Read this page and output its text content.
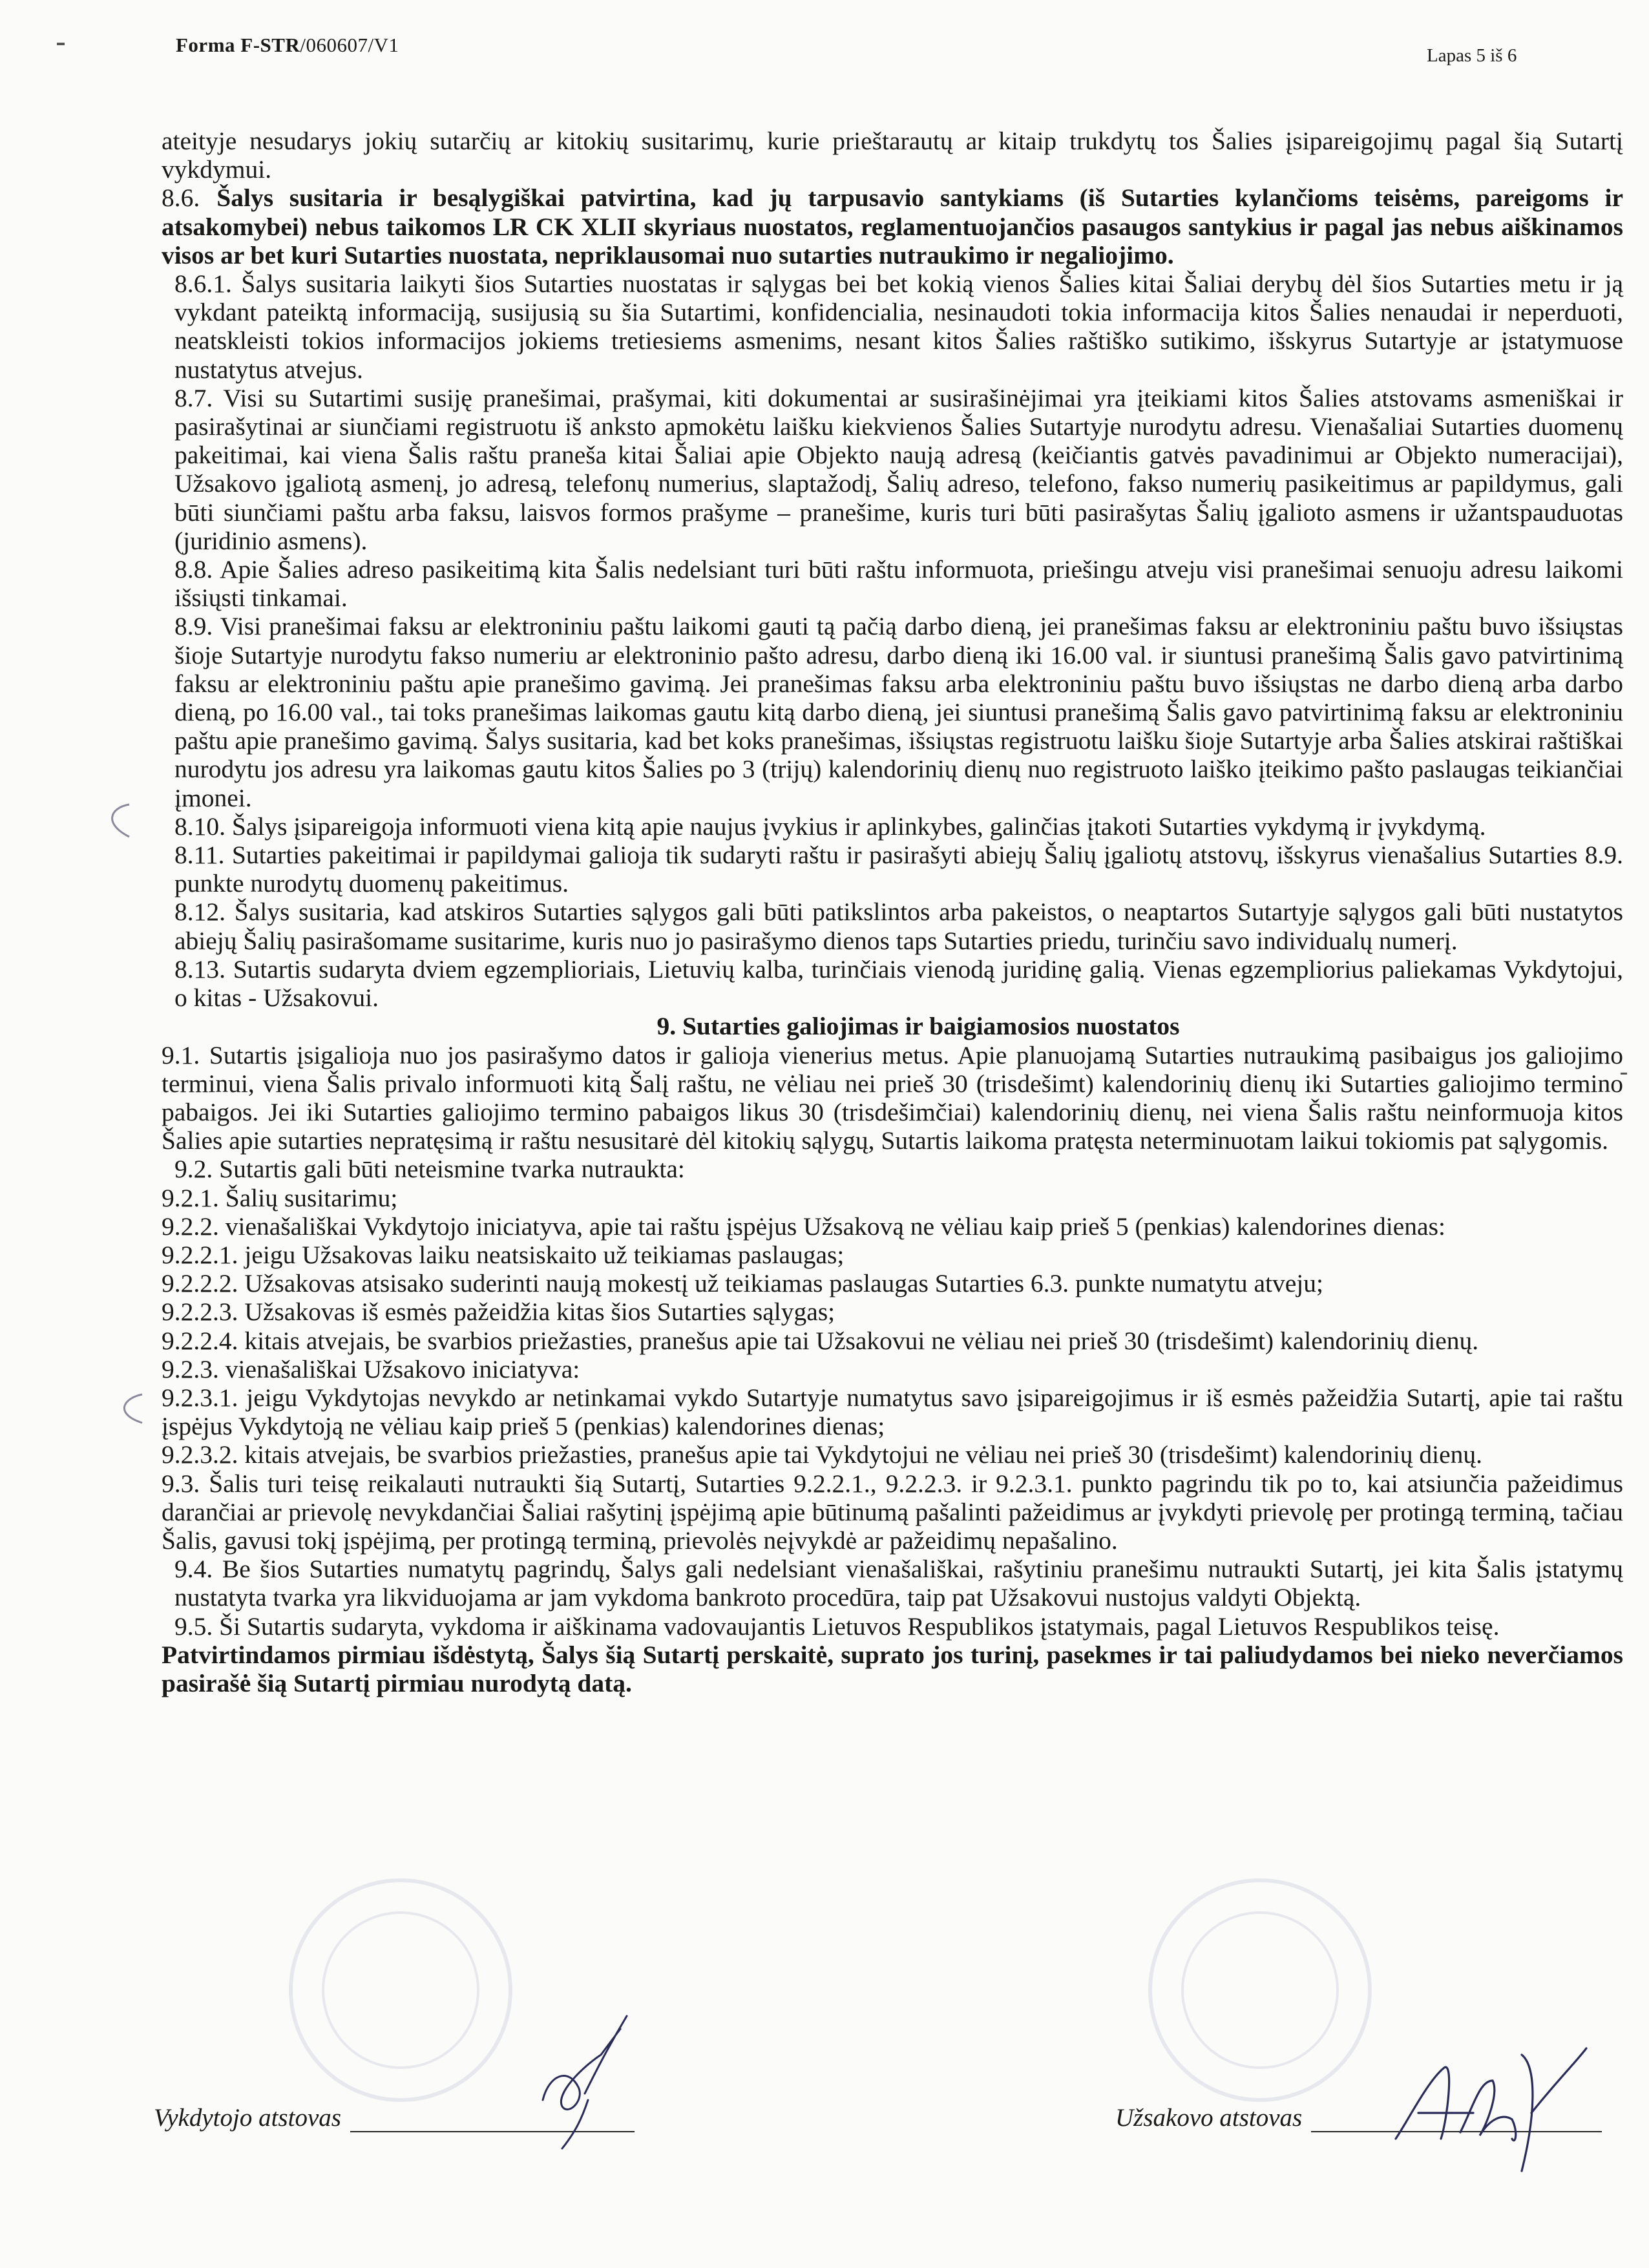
Forma F-STR/060607/V1	Lapas 5 iš 6

ateityje nesudarys jokių sutarčių ar kitokių susitarimų, kurie prieštarautų ar kitaip trukdytų tos Šalies įsipareigojimų pagal šią Sutartį vykdymui.

8.6. Šalys susitaria ir besąlygiškai patvirtina, kad jų tarpusavio santykiams (iš Sutarties kylančioms teisėms, pareigoms ir atsakomybei) nebus taikomos LR CK XLII skyriaus nuostatos, reglamentuojančios pasaugos santykius ir pagal jas nebus aiškinamos visos ar bet kuri Sutarties nuostata, nepriklausomai nuo sutarties nutraukimo ir negaliojimo.

8.6.1. Šalys susitaria laikyti šios Sutarties nuostatas ir sąlygas bei bet kokią vienos Šalies kitai Šaliai derybų dėl šios Sutarties metu ir ją vykdant pateiktą informaciją, susijusią su šia Sutartimi, konfidencialia, nesinaudoti tokia informacija kitos Šalies nenaudai ir neperduoti, neatskleisti tokios informacijos jokiems tretiesiems asmenims, nesant kitos Šalies raštiško sutikimo, išskyrus Sutartyje ar įstatymuose nustatytus atvejus.

8.7. Visi su Sutartimi susiję pranešimai, prašymai, kiti dokumentai ar susirašinėjimai yra įteikiami kitos Šalies atstovams asmeniškai ir pasirašytinai ar siunčiami registruotu iš anksto apmokėtu laišku kiekvienos Šalies Sutartyje nurodytu adresu. Vienašaliai Sutarties duomenų pakeitimai, kai viena Šalis raštu praneša kitai Šaliai apie Objekto naują adresą (keičiantis gatvės pavadinimui ar Objekto numeracijai), Užsakovo įgaliotą asmenį, jo adresą, telefonų numerius, slaptažodį, Šalių adreso, telefono, fakso numerių pasikeitimus ar papildymus, gali būti siunčiami paštu arba faksu, laisvos formos prašyme – pranešime, kuris turi būti pasirašytas Šalių įgalioto asmens ir užantspauduotas (juridinio asmens).

8.8. Apie Šalies adreso pasikeitimą kita Šalis nedelsiant turi būti raštu informuota, priešingu atveju visi pranešimai senuoju adresu laikomi išsiųsti tinkamai.

8.9. Visi pranešimai faksu ar elektroniniu paštu laikomi gauti tą pačią darbo dieną, jei pranešimas faksu ar elektroniniu paštu buvo išsiųstas šioje Sutartyje nurodytu fakso numeriu ar elektroninio pašto adresu, darbo dieną iki 16.00 val. ir siuntusi pranešimą Šalis gavo patvirtinimą faksu ar elektroniniu paštu apie pranešimo gavimą. Jei pranešimas faksu arba elektroniniu paštu buvo išsiųstas ne darbo dieną arba darbo dieną, po 16.00 val., tai toks pranešimas laikomas gautu kitą darbo dieną, jei siuntusi pranešimą Šalis gavo patvirtinimą faksu ar elektroniniu paštu apie pranešimo gavimą. Šalys susitaria, kad bet koks pranešimas, išsiųstas registruotu laišku šioje Sutartyje arba Šalies atskirai raštiškai nurodytu jos adresu yra laikomas gautu kitos Šalies po 3 (trijų) kalendorinių dienų nuo registruoto laiško įteikimo pašto paslaugas teikiančiai įmonei.

8.10. Šalys įsipareigoja informuoti viena kitą apie naujus įvykius ir aplinkybes, galinčias įtakoti Sutarties vykdymą ir įvykdymą.

8.11. Sutarties pakeitimai ir papildymai galioja tik sudaryti raštu ir pasirašyti abiejų Šalių įgaliotų atstovų, išskyrus vienašalius Sutarties 8.9. punkte nurodytų duomenų pakeitimus.

8.12. Šalys susitaria, kad atskiros Sutarties sąlygos gali būti patikslintos arba pakeistos, o neaptartos Sutartyje sąlygos gali būti nustatytos abiejų Šalių pasirašomame susitarime, kuris nuo jo pasirašymo dienos taps Sutarties priedu, turinčiu savo individualų numerį.

8.13. Sutartis sudaryta dviem egzemplioriais, Lietuvių kalba, turinčiais vienodą juridinę galią. Vienas egzempliorius paliekamas Vykdytojui, o kitas - Užsakovui.

9. Sutarties galiojimas ir baigiamosios nuostatos

9.1. Sutartis įsigalioja nuo jos pasirašymo datos ir galioja vienerius metus. Apie planuojamą Sutarties nutraukimą pasibaigus jos galiojimo terminui, viena Šalis privalo informuoti kitą Šalį raštu, ne vėliau nei prieš 30 (trisdešimt) kalendorinių dienų iki Sutarties galiojimo termino pabaigos. Jei iki Sutarties galiojimo termino pabaigos likus 30 (trisdešimčiai) kalendorinių dienų, nei viena Šalis raštu neinformuoja kitos Šalies apie sutarties nepratęsimą ir raštu nesusitarė dėl kitokių sąlygų, Sutartis laikoma pratęsta neterminuotam laikui tokiomis pat sąlygomis.

9.2. Sutartis gali būti neteismine tvarka nutraukta:

9.2.1. Šalių susitarimu;

9.2.2. vienašališkai Vykdytojo iniciatyva, apie tai raštu įspėjus Užsakovą ne vėliau kaip prieš 5 (penkias) kalendorines dienas:

9.2.2.1. jeigu Užsakovas laiku neatsiskaito už teikiamas paslaugas;

9.2.2.2. Užsakovas atsisako suderinti naują mokestį už teikiamas paslaugas Sutarties 6.3. punkte numatytu atveju;

9.2.2.3. Užsakovas iš esmės pažeidžia kitas šios Sutarties sąlygas;

9.2.2.4. kitais atvejais, be svarbios priežasties, pranešus apie tai Užsakovui ne vėliau nei prieš 30 (trisdešimt) kalendorinių dienų.

9.2.3. vienašališkai Užsakovo iniciatyva:

9.2.3.1. jeigu Vykdytojas nevykdo ar netinkamai vykdo Sutartyje numatytus savo įsipareigojimus ir iš esmės pažeidžia Sutartį, apie tai raštu įspėjus Vykdytoją ne vėliau kaip prieš 5 (penkias) kalendorines dienas;

9.2.3.2. kitais atvejais, be svarbios priežasties, pranešus apie tai Vykdytojui ne vėliau nei prieš 30 (trisdešimt) kalendorinių dienų.

9.3. Šalis turi teisę reikalauti nutraukti šią Sutartį, Sutarties 9.2.2.1., 9.2.2.3. ir 9.2.3.1. punkto pagrindu tik po to, kai atsiunčia pažeidimus darančiai ar prievolę nevykdančiai Šaliai rašytinį įspėjimą apie būtinumą pašalinti pažeidimus ar įvykdyti prievolę per protingą terminą, tačiau Šalis, gavusi tokį įspėjimą, per protingą terminą, prievolės neįvykdė ar pažeidimų nepašalino.

9.4. Be šios Sutarties numatytų pagrindų, Šalys gali nedelsiant vienašališkai, rašytiniu pranešimu nutraukti Sutartį, jei kita Šalis įstatymų nustatyta tvarka yra likviduojama ar jam vykdoma bankroto procedūra, taip pat Užsakovui nustojus valdyti Objektą.

9.5. Ši Sutartis sudaryta, vykdoma ir aiškinama vadovaujantis Lietuvos Respublikos įstatymais, pagal Lietuvos Respublikos teisę.

Patvirtindamos pirmiau išdėstytą, Šalys šią Sutartį perskaitė, suprato jos turinį, pasekmes ir tai paliudydamos bei nieko neverčiamos pasirašė šią Sutartį pirmiau nurodytą datą.

Vykdytojo atstovas	Užsakovo atstovas
